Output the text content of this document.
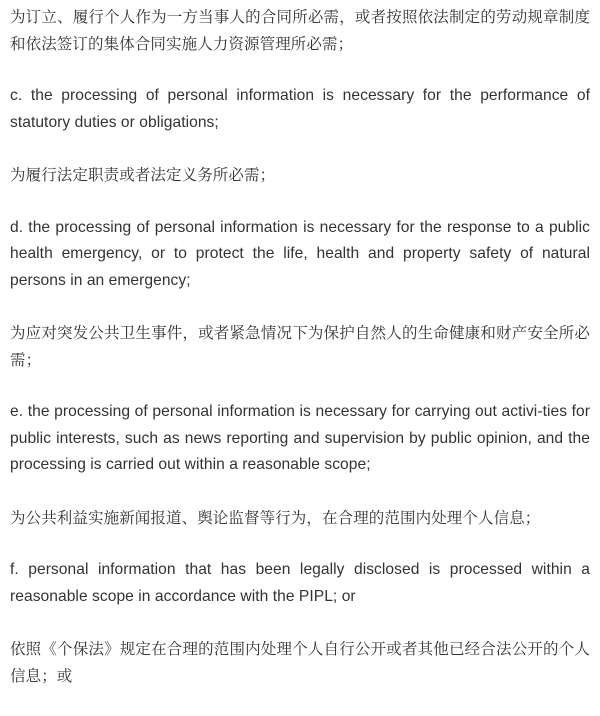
为订立、履行个人作为一方当事人的合同所必需，或者按照依法制定的劳动规章制度和依法签订的集体合同实施人力资源管理所必需；

c. the processing of personal information is necessary for the performance of statutory duties or obligations;

为履行法定职责或者法定义务所必需；

d. the processing of personal information is necessary for the response to a public health emergency, or to protect the life, health and property safety of natural persons in an emergency;

为应对突发公共卫生事件，或者紧急情况下为保护自然人的生命健康和财产安全所必需；

e. the processing of personal information is necessary for carrying out activi-ties for public interests, such as news reporting and supervision by public opinion, and the processing is carried out within a reasonable scope;

为公共利益实施新闻报道、舆论监督等行为，在合理的范围内处理个人信息；

f. personal information that has been legally disclosed is processed within a reasonable scope in accordance with the PIPL; or

依照《个保法》规定在合理的范围内处理个人自行公开或者其他已经合法公开的个人信息；或
